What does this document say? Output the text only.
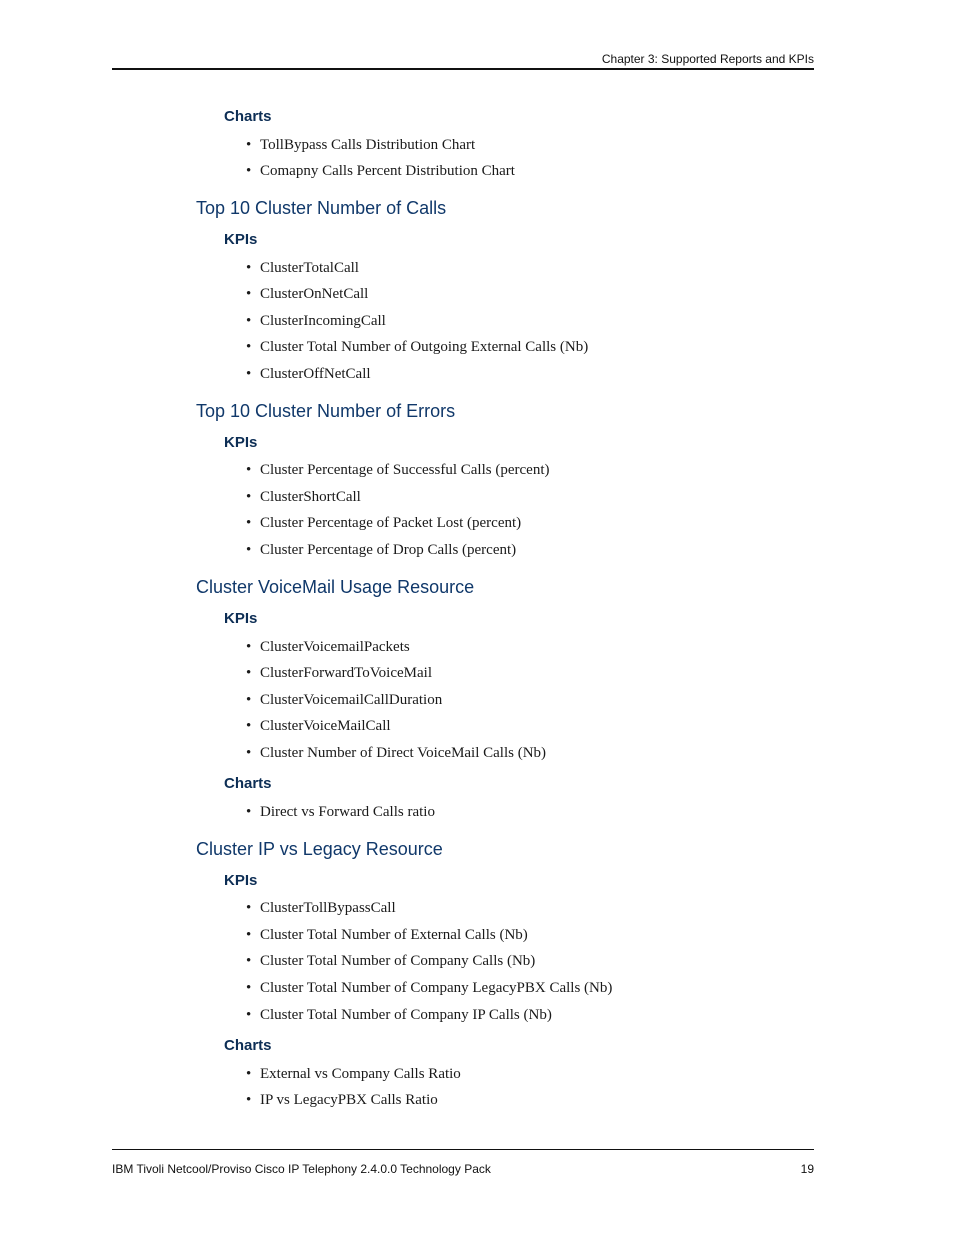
Chapter 3: Supported Reports and KPIs
Charts
• TollBypass Calls Distribution Chart
• Comapny Calls Percent Distribution Chart
Top 10 Cluster Number of Calls
KPIs
• ClusterTotalCall
• ClusterOnNetCall
• ClusterIncomingCall
• Cluster Total Number of Outgoing External Calls (Nb)
• ClusterOffNetCall
Top 10 Cluster Number of Errors
KPIs
• Cluster Percentage of Successful Calls (percent)
• ClusterShortCall
• Cluster Percentage of Packet Lost (percent)
• Cluster Percentage of Drop Calls (percent)
Cluster VoiceMail Usage Resource
KPIs
• ClusterVoicemailPackets
• ClusterForwardToVoiceMail
• ClusterVoicemailCallDuration
• ClusterVoiceMailCall
• Cluster Number of Direct VoiceMail Calls (Nb)
Charts
• Direct vs Forward Calls ratio
Cluster IP vs Legacy Resource
KPIs
• ClusterTollBypassCall
• Cluster Total Number of External Calls (Nb)
• Cluster Total Number of Company Calls (Nb)
• Cluster Total Number of Company LegacyPBX Calls (Nb)
• Cluster Total Number of Company IP Calls (Nb)
Charts
• External vs Company Calls Ratio
• IP vs LegacyPBX Calls Ratio
IBM Tivoli Netcool/Proviso Cisco IP Telephony 2.4.0.0 Technology Pack	19
